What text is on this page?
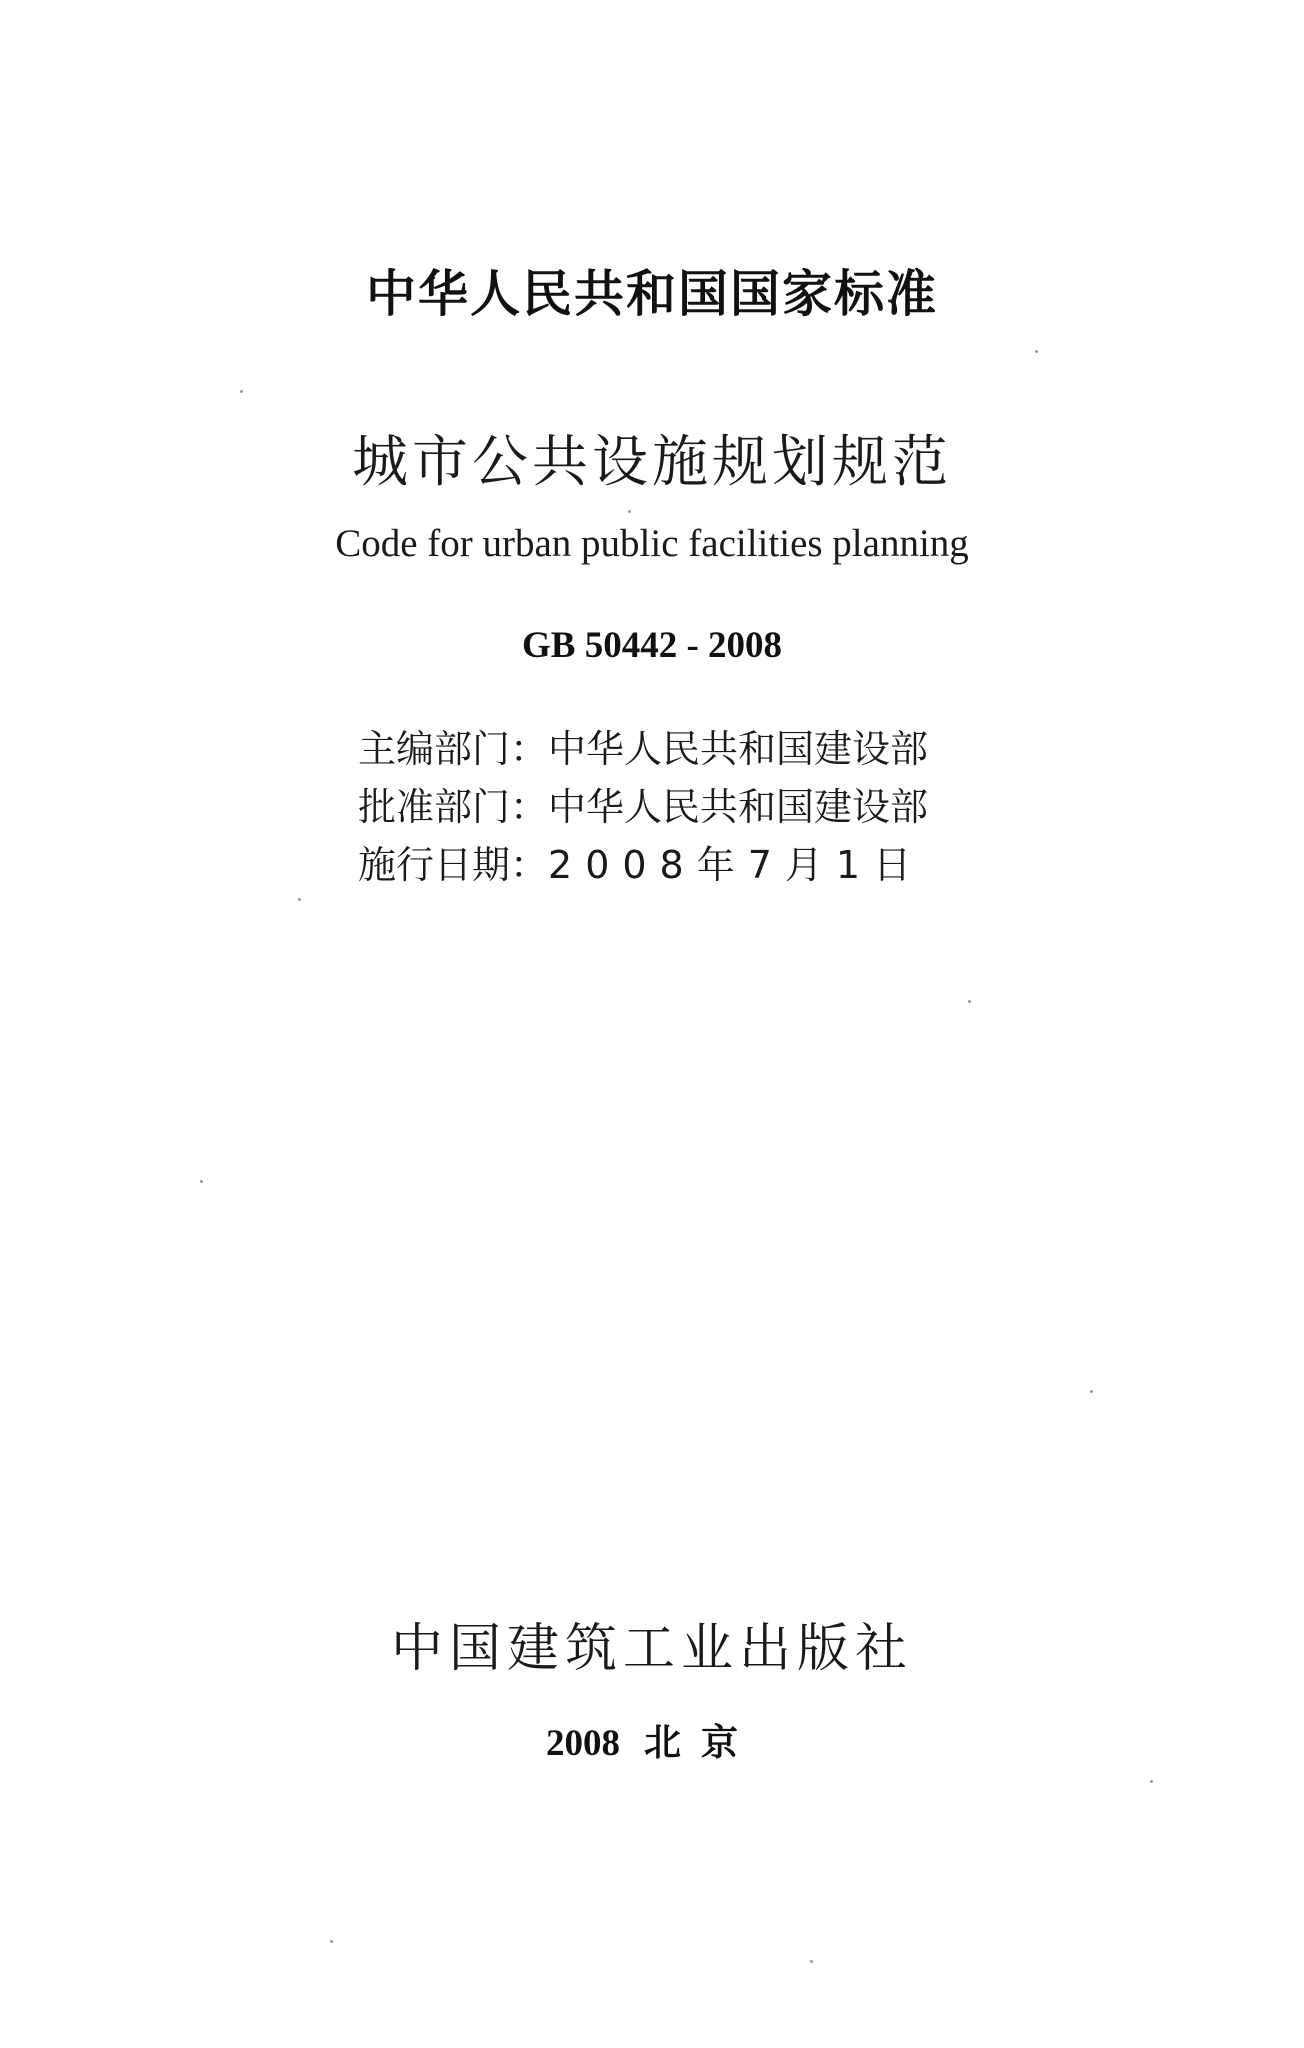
中华人民共和国国家标准
城市公共设施规划规范
Code for urban public facilities planning
GB 50442 - 2008
主编部门：中华人民共和国建设部
批准部门：中华人民共和国建设部
施行日期：2008年7月1日
中国建筑工业出版社
2008 北京
